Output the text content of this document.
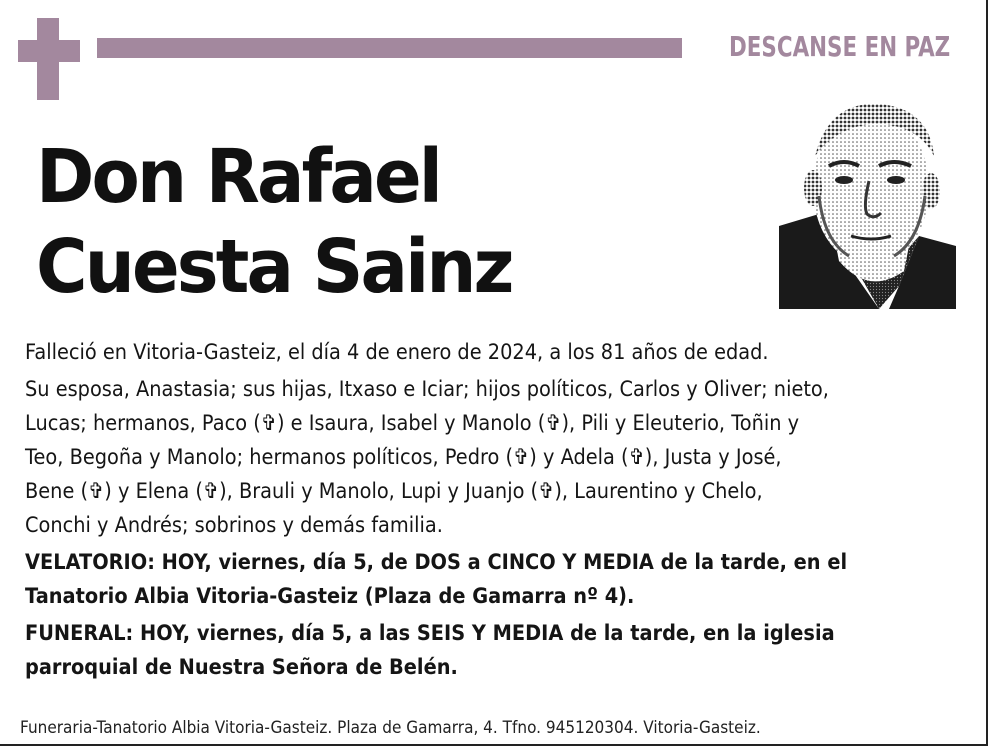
DESCANSE EN PAZ
Don Rafael
Cuesta Sainz

Falleció en Vitoria-Gasteiz, el día 4 de enero de 2024, a los 81 años de edad.

Su esposa, Anastasia; sus hijas, Itxaso e Iciar; hijos políticos, Carlos y Oliver; nieto,
Lucas; hermanos, Paco (✞) e Isaura, Isabel y Manolo (✞), Pili y Eleuterio, Toñin y
Teo, Begoña y Manolo; hermanos políticos, Pedro (✞) y Adela (✞), Justa y José,
Bene (✞) y Elena (✞), Brauli y Manolo, Lupi y Juanjo (✞), Laurentino y Chelo,
Conchi y Andrés; sobrinos y demás familia.

VELATORIO: HOY, viernes, día 5, de DOS a CINCO Y MEDIA de la tarde, en el
Tanatorio Albia Vitoria-Gasteiz (Plaza de Gamarra nº 4).

FUNERAL: HOY, viernes, día 5, a las SEIS Y MEDIA de la tarde, en la iglesia
parroquial de Nuestra Señora de Belén.

Funeraria-Tanatorio Albia Vitoria-Gasteiz. Plaza de Gamarra, 4. Tfno. 945120304. Vitoria-Gasteiz.
